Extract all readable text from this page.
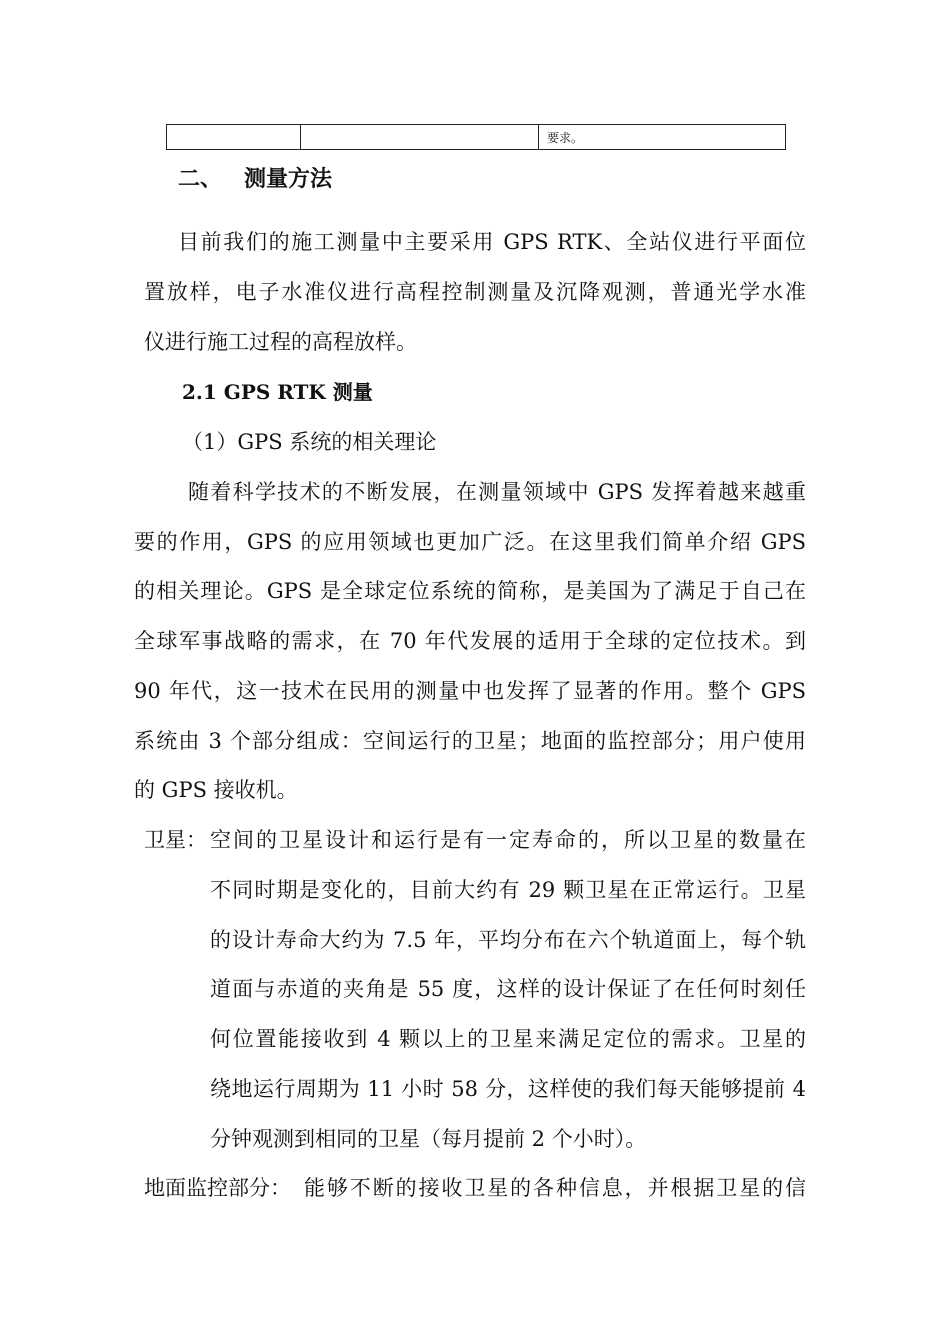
要求。
二、 测量方法
目前我们的施工测量中主要采用 GPS RTK、全站仪进行平面位
置放样，电子水准仪进行高程控制测量及沉降观测，普通光学水准
仪进行施工过程的高程放样。
2.1 GPS RTK 测量
（1）GPS 系统的相关理论
随着科学技术的不断发展，在测量领域中 GPS 发挥着越来越重
要的作用，GPS 的应用领域也更加广泛。在这里我们简单介绍 GPS
的相关理论。GPS 是全球定位系统的简称，是美国为了满足于自己在
全球军事战略的需求，在 70 年代发展的适用于全球的定位技术。到
90 年代，这一技术在民用的测量中也发挥了显著的作用。整个 GPS
系统由 3 个部分组成：空间运行的卫星；地面的监控部分；用户使用
的 GPS 接收机。
卫星： 空间的卫星设计和运行是有一定寿命的，所以卫星的数量在
不同时期是变化的，目前大约有 29 颗卫星在正常运行。卫星
的设计寿命大约为 7.5 年，平均分布在六个轨道面上，每个轨
道面与赤道的夹角是 55 度，这样的设计保证了在任何时刻任
何位置能接收到 4 颗以上的卫星来满足定位的需求。卫星的
绕地运行周期为 11 小时 58 分，这样使的我们每天能够提前 4
分钟观测到相同的卫星（每月提前 2 个小时）。
地面监控部分： 能够不断的接收卫星的各种信息，并根据卫星的信
